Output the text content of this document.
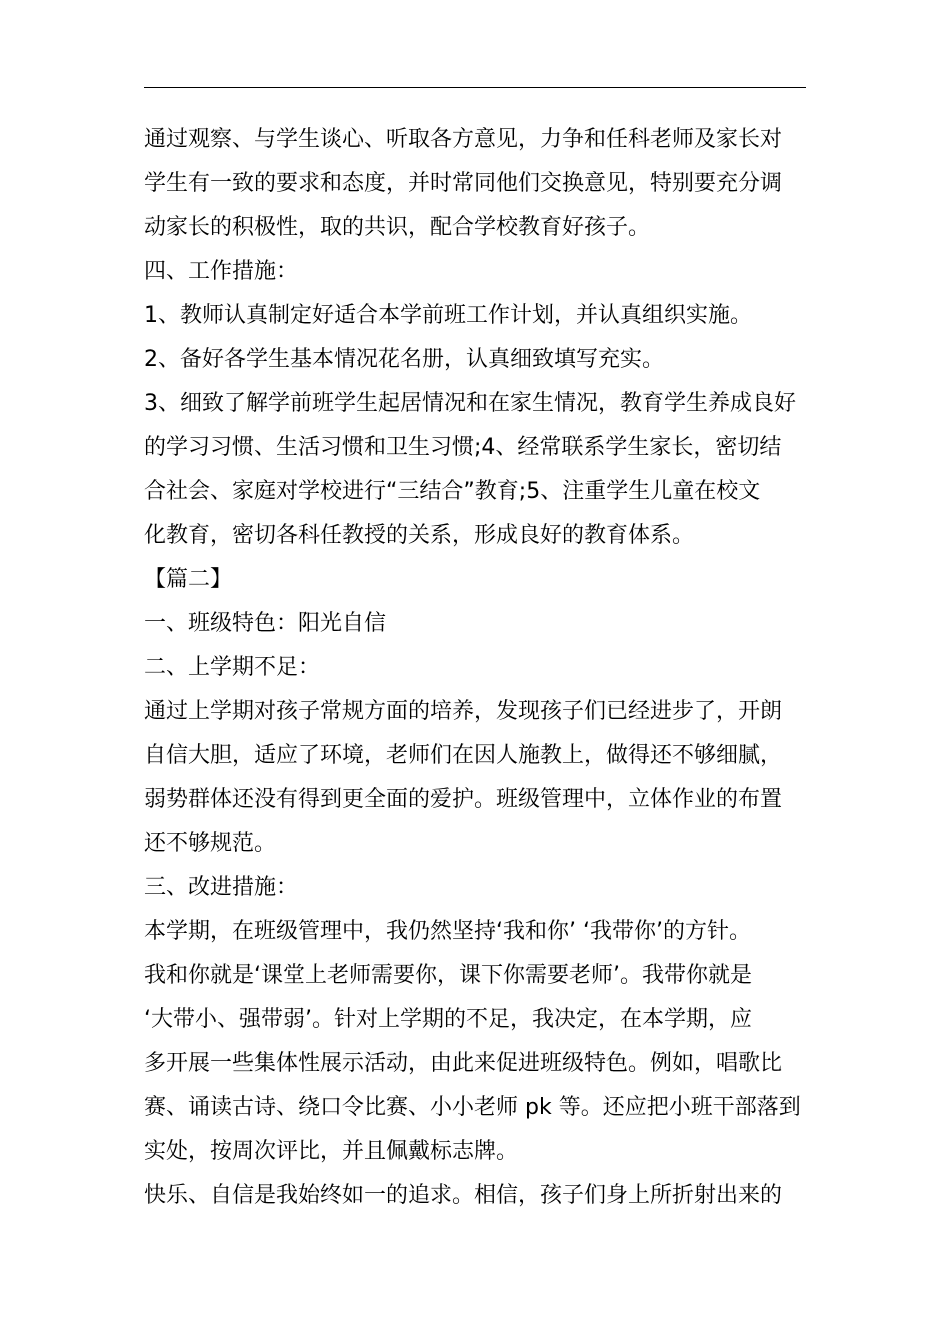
通过观察、与学生谈心、听取各方意见，力争和任科老师及家长对
学生有一致的要求和态度，并时常同他们交换意见，特别要充分调
动家长的积极性，取的共识，配合学校教育好孩子。
四、工作措施：
1、教师认真制定好适合本学前班工作计划，并认真组织实施。
2、备好各学生基本情况花名册，认真细致填写充实。
3、细致了解学前班学生起居情况和在家生情况，教育学生养成良好
的学习习惯、生活习惯和卫生习惯;4、经常联系学生家长，密切结
合社会、家庭对学校进行“三结合”教育;5、注重学生儿童在校文
化教育，密切各科任教授的关系，形成良好的教育体系。
【篇二】
一、班级特色：阳光自信
二、上学期不足：
通过上学期对孩子常规方面的培养，发现孩子们已经进步了，开朗
自信大胆，适应了环境，老师们在因人施教上，做得还不够细腻，
弱势群体还没有得到更全面的爱护。班级管理中，立体作业的布置
还不够规范。
三、改进措施：
本学期，在班级管理中，我仍然坚持‘我和你’ ‘我带你’的方针。
我和你就是‘课堂上老师需要你，课下你需要老师’。我带你就是
‘大带小、强带弱’。针对上学期的不足，我决定，在本学期，应
多开展一些集体性展示活动，由此来促进班级特色。例如，唱歌比
赛、诵读古诗、绕口令比赛、小小老师 pk 等。还应把小班干部落到
实处，按周次评比，并且佩戴标志牌。
快乐、自信是我始终如一的追求。相信，孩子们身上所折射出来的
